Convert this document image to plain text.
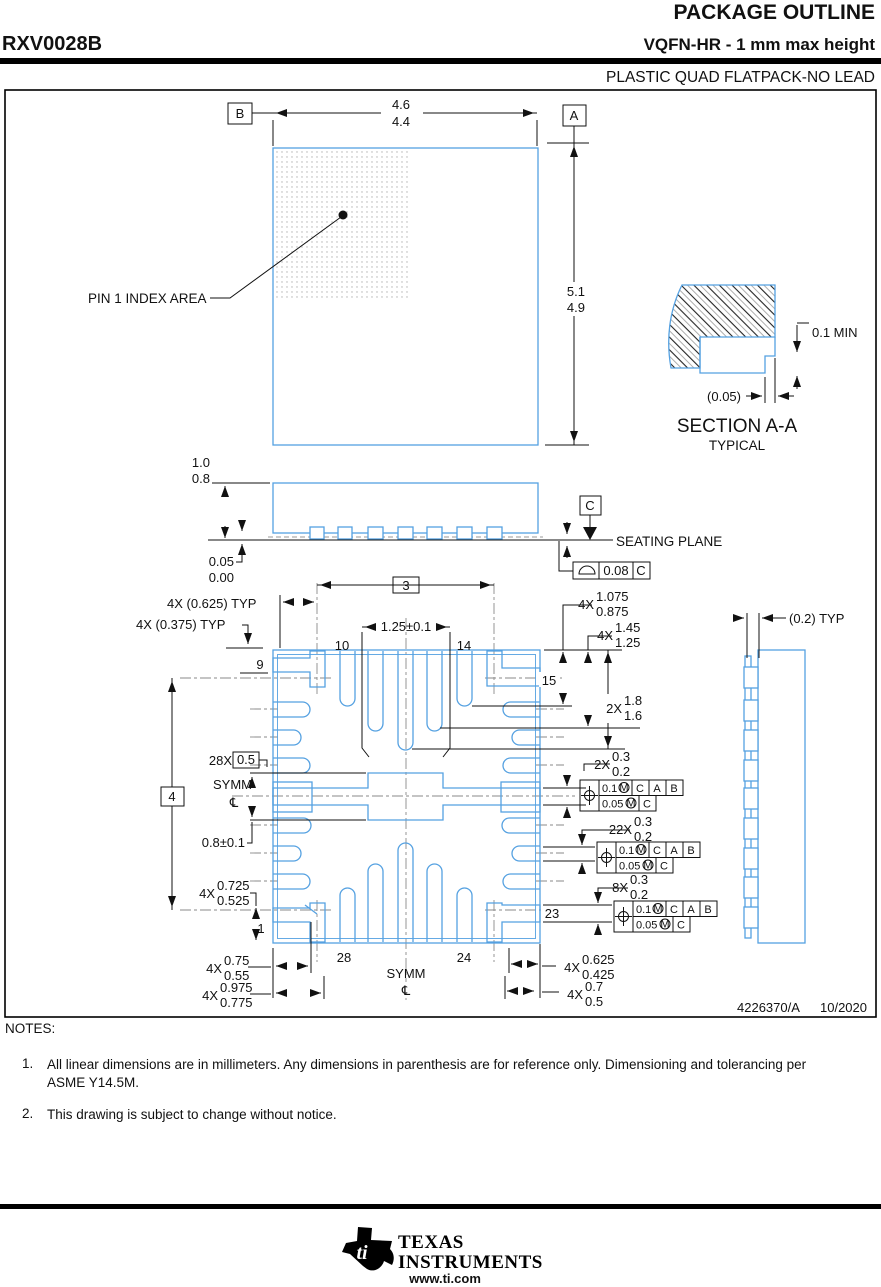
PACKAGE OUTLINE
RXV0028B	VQFN-HR - 1 mm max height
PLASTIC QUAD FLATPACK-NO LEAD
PIN 1 INDEX AREA
B
4.6
4.4	A
5.1
4.9
0.1 MIN
(0.05)
SECTION A-A
TYPICAL
1.0
0.8
0.05
0.00
C
SEATING PLANE
0.08 C
3
1.25±0.1
4X (0.625) TYP
4X (0.375) TYP
9
10	14
15
1
23
28	24
28X 0.5
SYMM
℄
4
0.8±0.1
4X
1.075
0.875
4X
1.45
1.25
2X
1.8
1.6
2X
0.3
0.2
0.1 M C A B
0.05 M C
22X
0.3
0.2
0.1 M C A B
0.05 M C
8X
0.3
0.2
0.1 M C A B
0.05 M C
4X
0.725
0.525
4X
0.75
0.55
4X
0.975
0.775
SYMM
℄
4X
0.625
0.425
4X
0.7
0.5
(0.2) TYP
4226370/A 10/2020
NOTES:
1.	All linear dimensions are in millimeters. Any dimensions in parenthesis are for reference only. Dimensioning and tolerancing per ASME Y14.5M.
2.	This drawing is subject to change without notice.
ti TEXAS
INSTRUMENTS
www.ti.com
